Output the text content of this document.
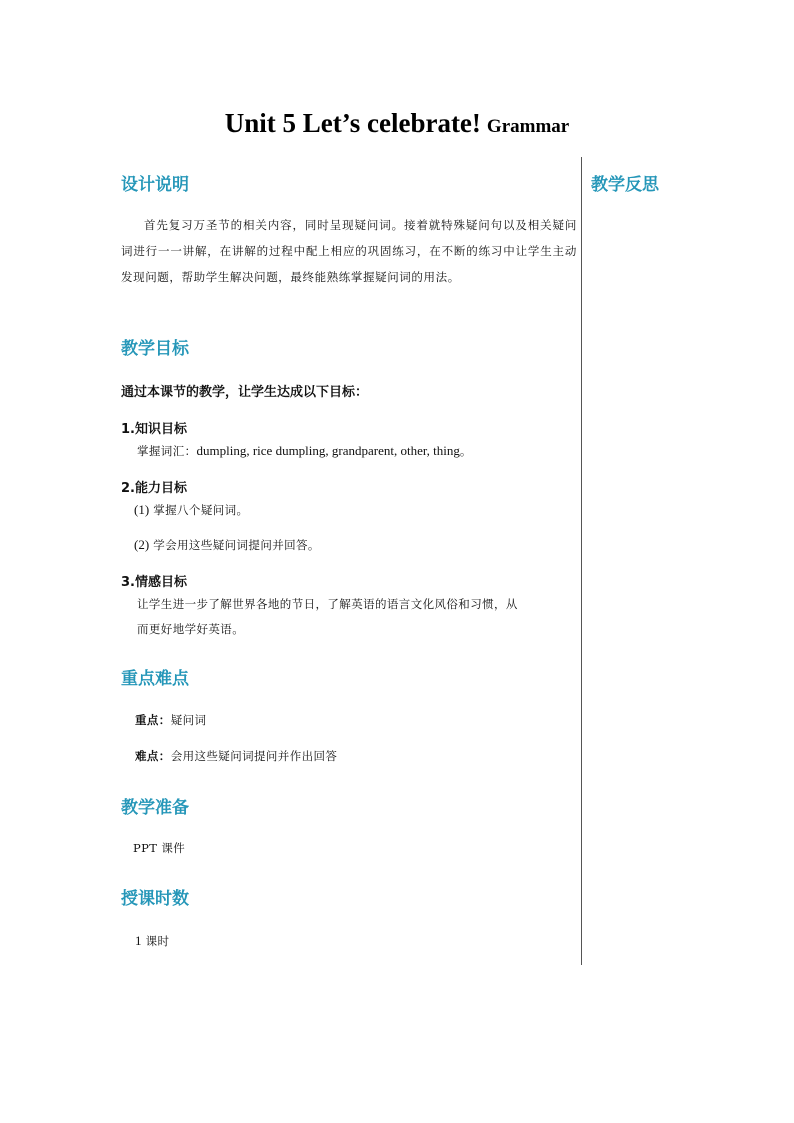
Unit 5 Let’s celebrate! Grammar
教学反思
设计说明
首先复习万圣节的相关内容，同时呈现疑问词。接着就特殊疑问句以及相关疑问词进行一一讲解，在讲解的过程中配上相应的巩固练习，在不断的练习中让学生主动发现问题，帮助学生解决问题，最终能熟练掌握疑问词的用法。
教学目标
通过本课节的教学，让学生达成以下目标：
1.知识目标
掌握词汇：dumpling, rice dumpling, grandparent, other, thing。
2.能力目标
(1) 掌握八个疑问词。
(2) 学会用这些疑问词提问并回答。
3.情感目标
让学生进一步了解世界各地的节日，了解英语的语言文化风俗和习惯，从
而更好地学好英语。
重点难点
重点：疑问词
难点：会用这些疑问词提问并作出回答
教学准备
PPT 课件
授课时数
1 课时
